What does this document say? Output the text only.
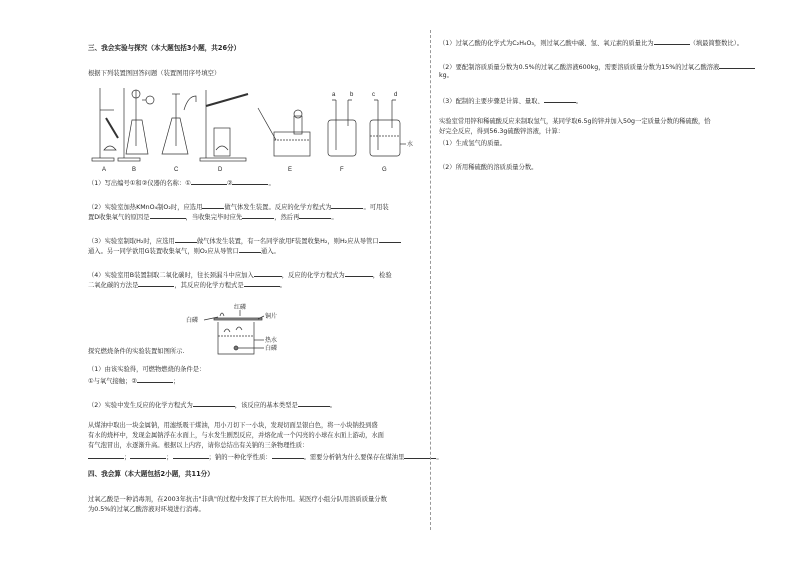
三、我会实验与探究（本大题包括3小题，共26分）
根据下列装置图回答问题（装置图用序号填空）
A	B	C	D	E	F	G
a b	c	d
水
（1）写出编号①和②仪器的名称：①	②	。
（2）实验室加热KMnO₄制O₂时，应选用	做气体发生装置。反应的化学方程式为	。可用装
置D收集氧气的原因是	，当收集完毕时应先	，然后再	。
（3）实验室制取H₂时，应选用	做气体发生装置，有一名同学欲用F装置收集H₂，则H₂应从导管口
通入。另一同学欲用G装置收集氧气，则O₂应从导管口	通入。
（4）实验室用B装置制取二氧化碳时，往长颈漏斗中应加入	，反应的化学方程式为	，检验
二氧化碳的方法是	，其反应的化学方程式是	。
红磷
铜片
白磷
热水
白磷
探究燃烧条件的实验装置如图所示.
（1）由该实验得，可燃物燃烧的条件是：
①与氧气接触；②	；
（2）实验中发生反应的化学方程式为	，该反应的基本类型是	。
从煤油中取出一块金属钠，用滤纸吸干煤油，用小刀切下一小块，发现切面呈银白色，将一小块钠投到盛
有水的烧杯中，发现金属钠浮在水面上，与水发生剧烈反应，并熔化成一个闪亮的小球在水面上游动，水面
有气泡冒出，水逐渐升高。根据以上内容，请你总结出有关钠的三条物理性质：
；	；	；钠的一种化学性质：	。需要分析钠为什么要保存在煤油里	。
四、我会算（本大题包括2小题，共11分）
过氧乙酸是一种消毒剂，在2003年抗击"非典"的过程中发挥了巨大的作用。某医疗小组分队用溶质质量分数
为0.5%的过氧乙酸溶液对环境进行消毒。
（1）过氧乙酸的化学式为C₂H₄O₃，则过氧乙酸中碳、氢、氧元素的质量比为	（填最简整数比）。
（2）要配制溶质质量分数为0.5%的过氧乙酸溶液600kg，需要溶质质量分数为15%的过氧乙酸溶液
kg。
（3）配制的主要步骤是计算、量取、	。
实验室常用锌和稀硫酸反应来制取氢气，某同学取6.5g的锌并加入50g一定质量分数的稀硫酸，恰
好完全反应，得到56.3g硫酸锌溶液，计算：
（1）生成氢气的质量。
（2）所用稀硫酸的溶质质量分数。
